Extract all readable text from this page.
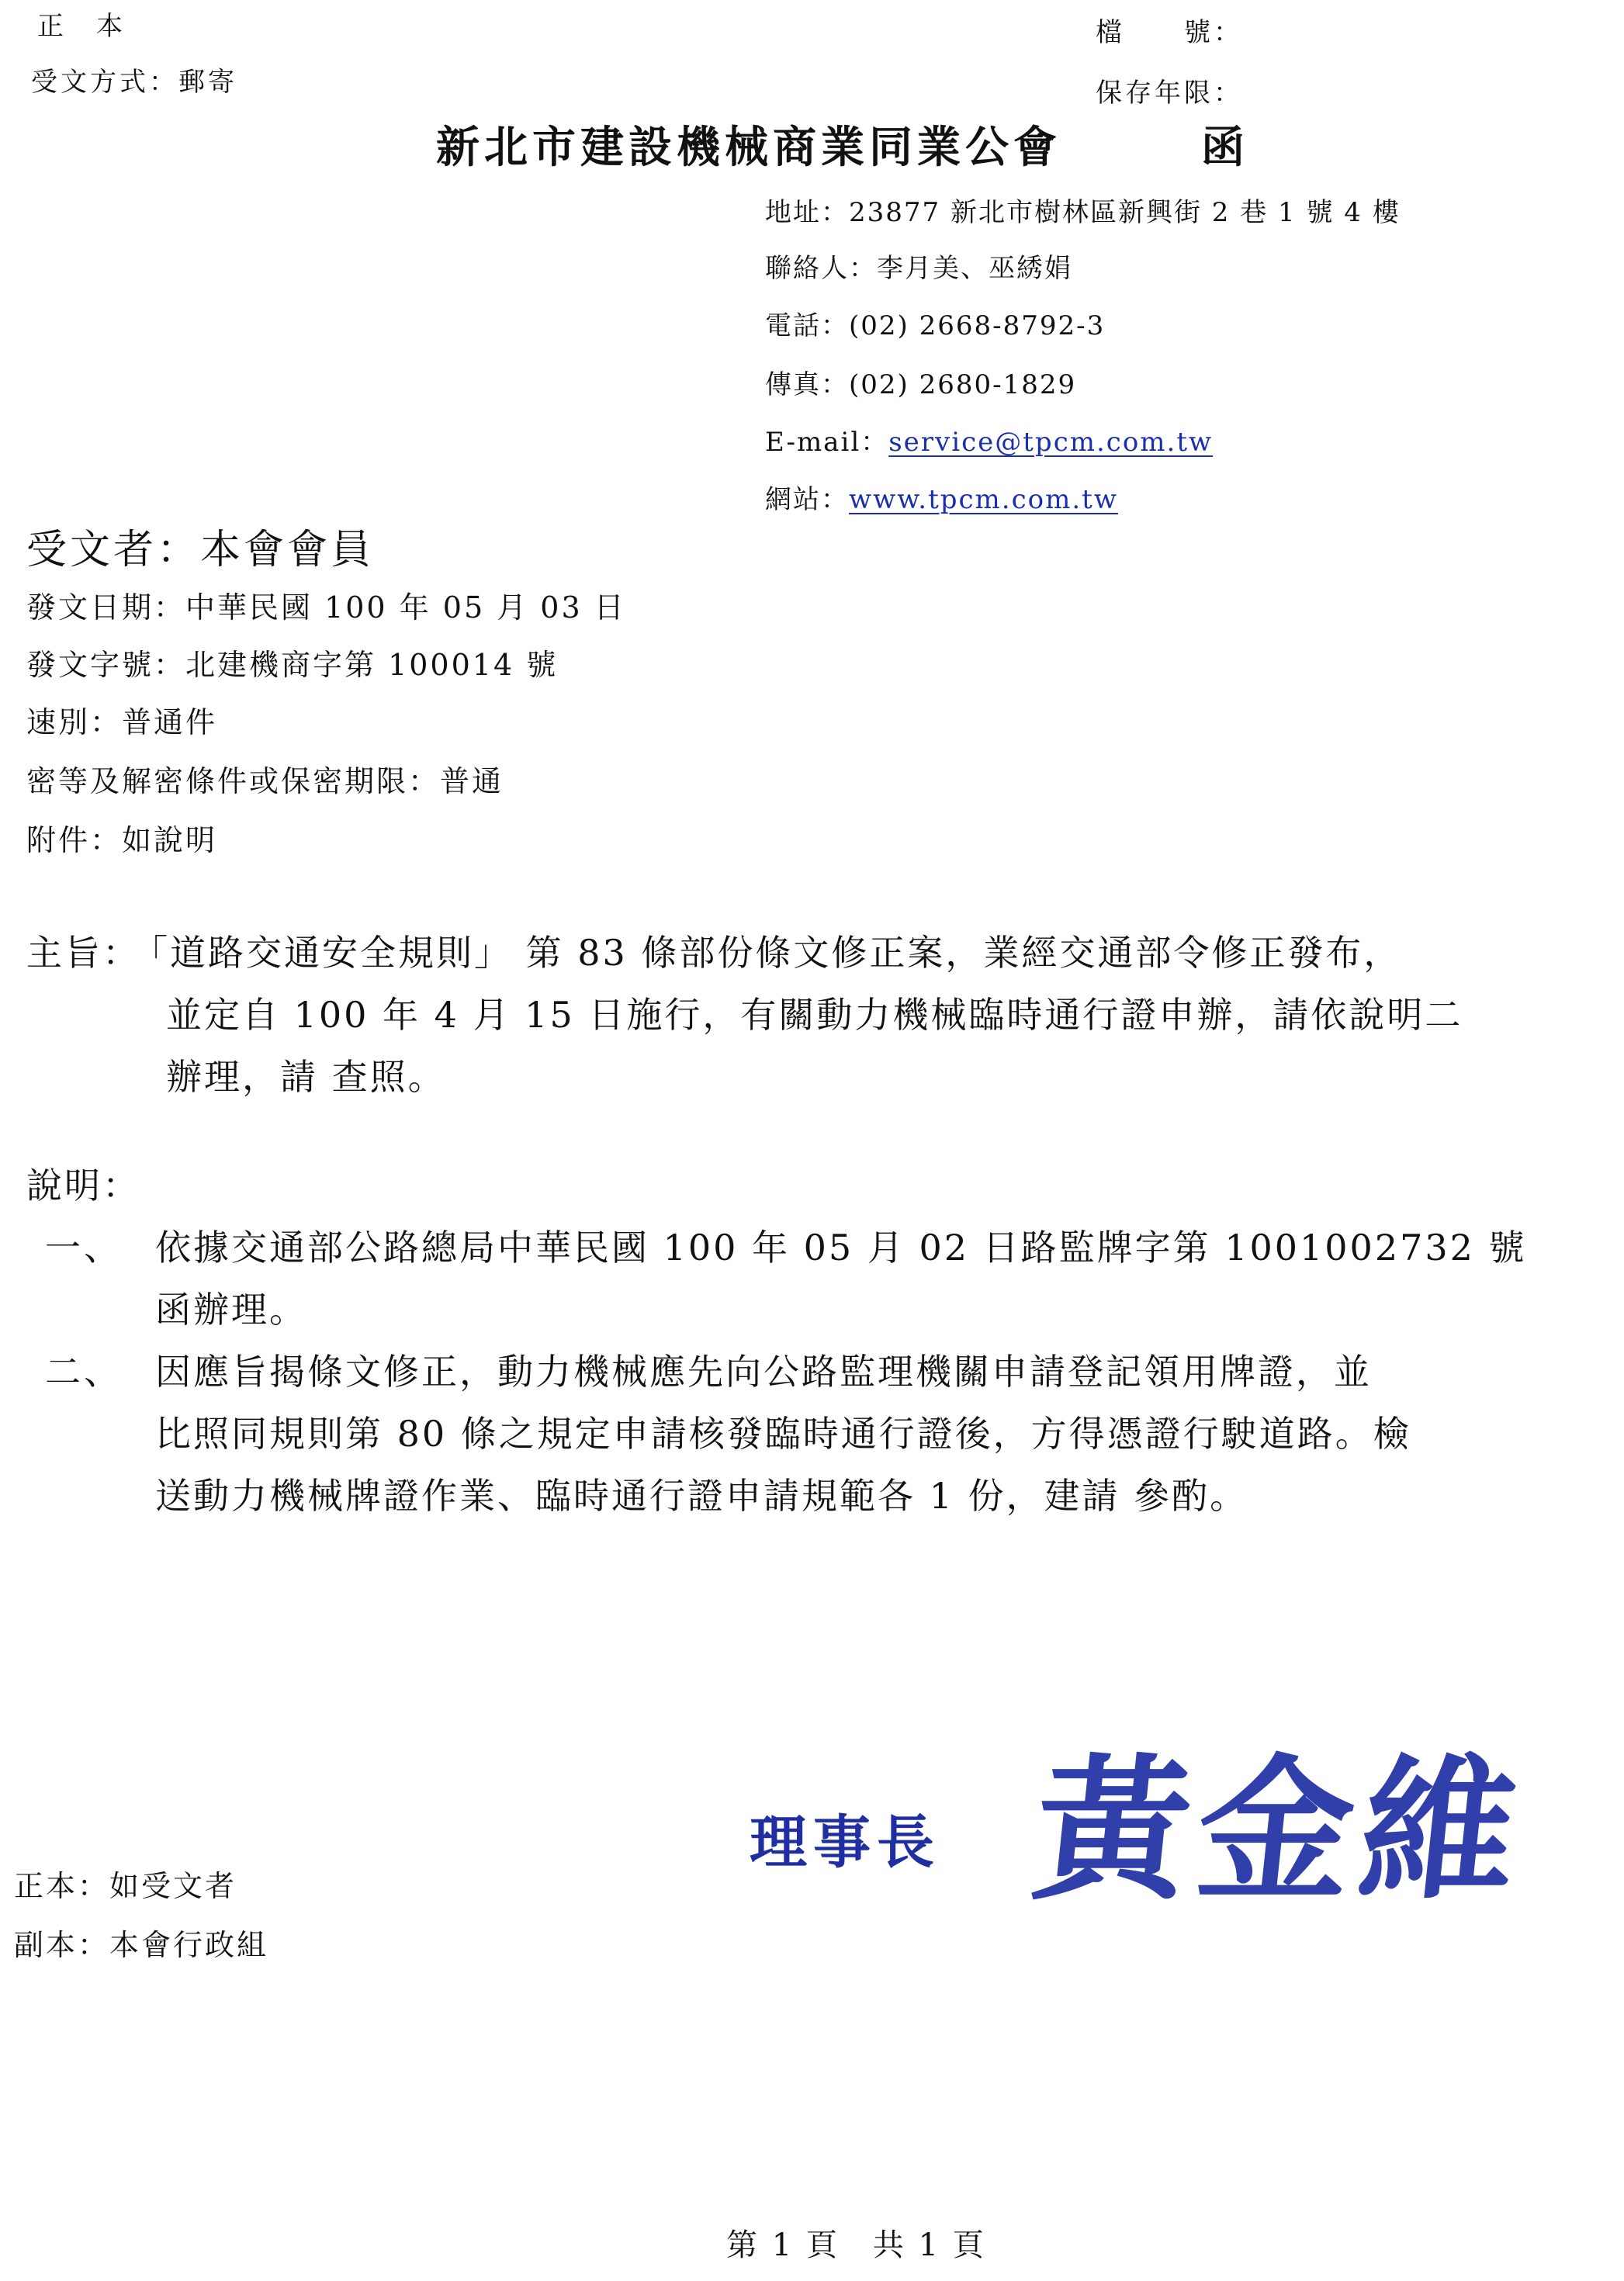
正　本
受文方式：郵寄
檔　　號：
保存年限：
新北市建設機械商業同業公會	函
地址：23877 新北市樹林區新興街 2 巷 1 號 4 樓
聯絡人：李月美、巫綉娟
電話：(02) 2668-8792-3
傳真：(02) 2680-1829
E-mail：service@tpcm.com.tw
網站：www.tpcm.com.tw
受文者：本會會員
發文日期：中華民國 100 年 05 月 03 日
發文字號：北建機商字第 100014 號
速別：普通件
密等及解密條件或保密期限：普通
附件：如說明
主旨：
「道路交通安全規則」 第 83 條部份條文修正案，業經交通部令修正發布，
並定自 100 年 4 月 15 日施行，有關動力機械臨時通行證申辦，請依說明二
辦理，請 查照。
說明：
一、 依據交通部公路總局中華民國 100 年 05 月 02 日路監牌字第 1001002732 號
函辦理。
二、 因應旨揭條文修正，動力機械應先向公路監理機關申請登記領用牌證，並
比照同規則第 80 條之規定申請核發臨時通行證後，方得憑證行駛道路。檢
送動力機械牌證作業、臨時通行證申請規範各 1 份，建請 參酌。
理事長 黃金維
正本：如受文者
副本：本會行政組
第 1 頁　共 1 頁
